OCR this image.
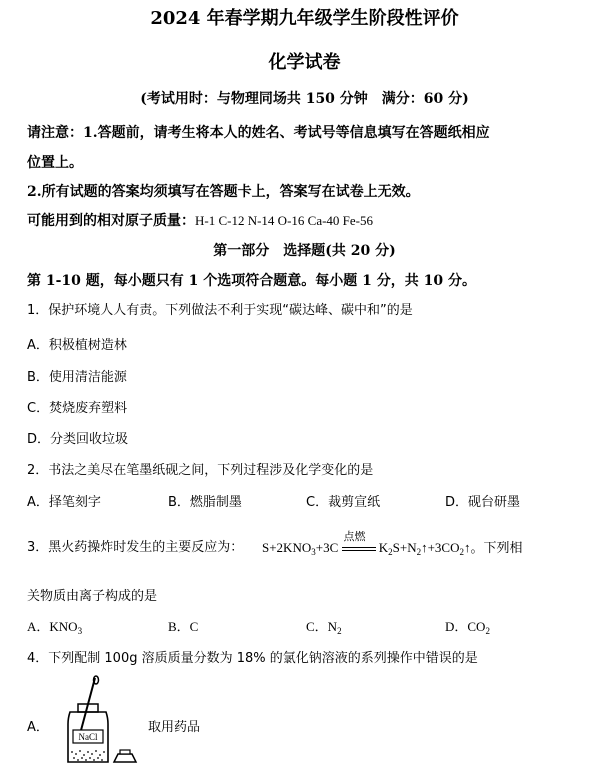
2024 年春学期九年级学生阶段性评价
化学试卷
(考试用时：与物理同场共 150 分钟　满分：60 分)
请注意：1.答题前，请考生将本人的姓名、考试号等信息填写在答题纸相应
位置上。
2.所有试题的答案均须填写在答题卡上，答案写在试卷上无效。
可能用到的相对原子质量：H-1 C-12 N-14 O-16 Ca-40 Fe-56
第一部分　选择题(共 20 分)
第 1-10 题，每小题只有 1 个选项符合题意。每小题 1 分，共 10 分。
1．保护环境人人有责。下列做法不利于实现“碳达峰、碳中和”的是
A．积极植树造林
B．使用清洁能源
C．焚烧废弃塑料
D．分类回收垃圾
2．书法之美尽在笔墨纸砚之间，下列过程涉及化学变化的是
A．择笔刻字	B．燃脂制墨	C．裁剪宣纸	D．砚台研墨
3．黑火药操炸时发生的主要反应为： $S+2KNO_3+3C$
点燃
$K_2S+N_2↑+3CO_2↑$。下列相
关物质由离子构成的是
A．$KNO_3$	B．C	C．$N_2$	D．$CO_2$
4．下列配制 100g 溶质质量分数为 18% 的氯化钠溶液的系列操作中错误的是
A．
NaCl
取用药品
